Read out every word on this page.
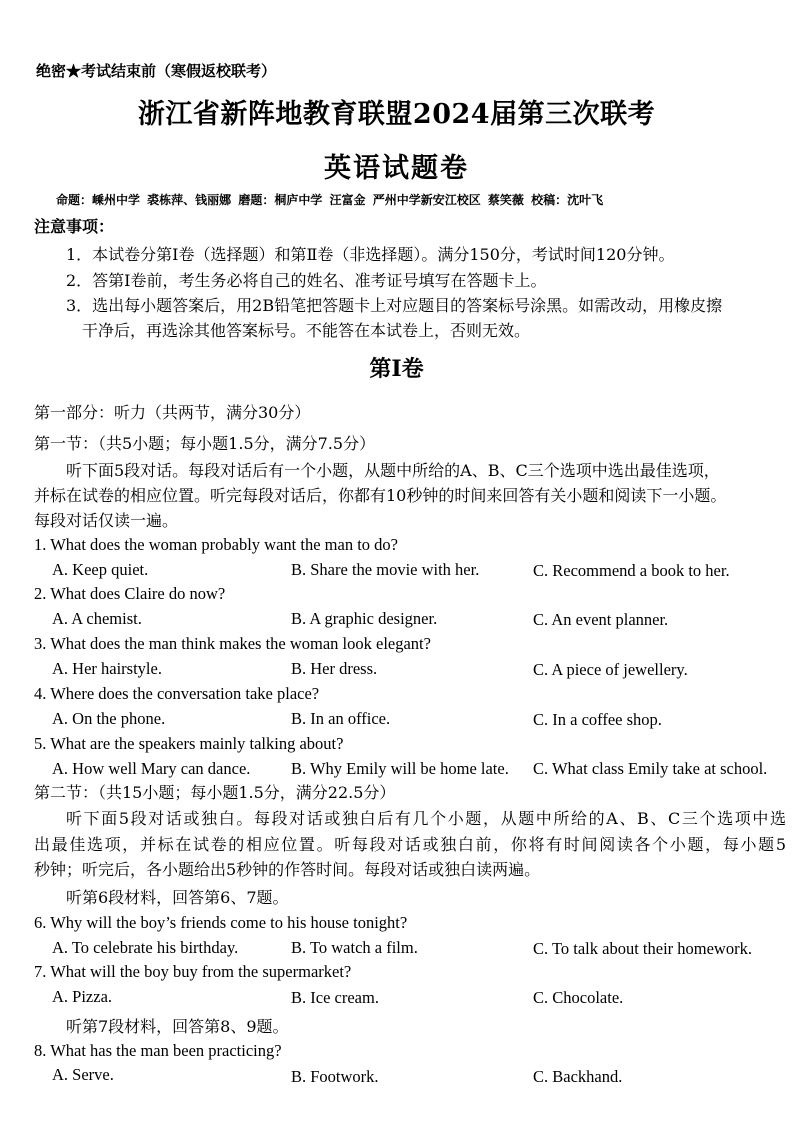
绝密★考试结束前（寒假返校联考）
浙江省新阵地教育联盟2024届第三次联考
英语试题卷
命题：嵊州中学 裘栋萍、钱丽娜 磨题：桐庐中学 汪富金 严州中学新安江校区 蔡笑薇 校稿：沈叶飞
注意事项：
1．本试卷分第Ⅰ卷（选择题）和第Ⅱ卷（非选择题）。满分150分，考试时间120分钟。
2．答第Ⅰ卷前，考生务必将自己的姓名、准考证号填写在答题卡上。
3．选出每小题答案后，用2B铅笔把答题卡上对应题目的答案标号涂黑。如需改动，用橡皮擦
干净后，再选涂其他答案标号。不能答在本试卷上，否则无效。
第Ⅰ卷
第一部分：听力（共两节，满分30分）
第一节：（共5小题；每小题1.5分，满分7.5分）
听下面5段对话。每段对话后有一个小题，从题中所给的A、B、C三个选项中选出最佳选项，
并标在试卷的相应位置。听完每段对话后，你都有10秒钟的时间来回答有关小题和阅读下一小题。
每段对话仅读一遍。
1. What does the woman probably want the man to do?
A. Keep quiet.	B. Share the movie with her.	C. Recommend a book to her.
2. What does Claire do now?
A. A chemist.	B. A graphic designer.	C. An event planner.
3. What does the man think makes the woman look elegant?
A. Her hairstyle.	B. Her dress.	C. A piece of jewellery.
4. Where does the conversation take place?
A. On the phone.	B. In an office.	C. In a coffee shop.
5. What are the speakers mainly talking about?
A. How well Mary can dance. B. Why Emily will be home late. C. What class Emily take at school.
第二节：（共15小题；每小题1.5分，满分22.5分）
听下面5段对话或独白。每段对话或独白后有几个小题，从题中所给的A、B、C三个选项中选
出最佳选项，并标在试卷的相应位置。听每段对话或独白前，你将有时间阅读各个小题，每小题5
秒钟；听完后，各小题给出5秒钟的作答时间。每段对话或独白读两遍。
听第6段材料，回答第6、7题。
6. Why will the boy’s friends come to his house tonight?
A. To celebrate his birthday.	B. To watch a film.	C. To talk about their homework.
7. What will the boy buy from the supermarket?
A. Pizza.	B. Ice cream.	C. Chocolate.
听第7段材料，回答第8、9题。
8. What has the man been practicing?
A. Serve.	B. Footwork.	C. Backhand.
